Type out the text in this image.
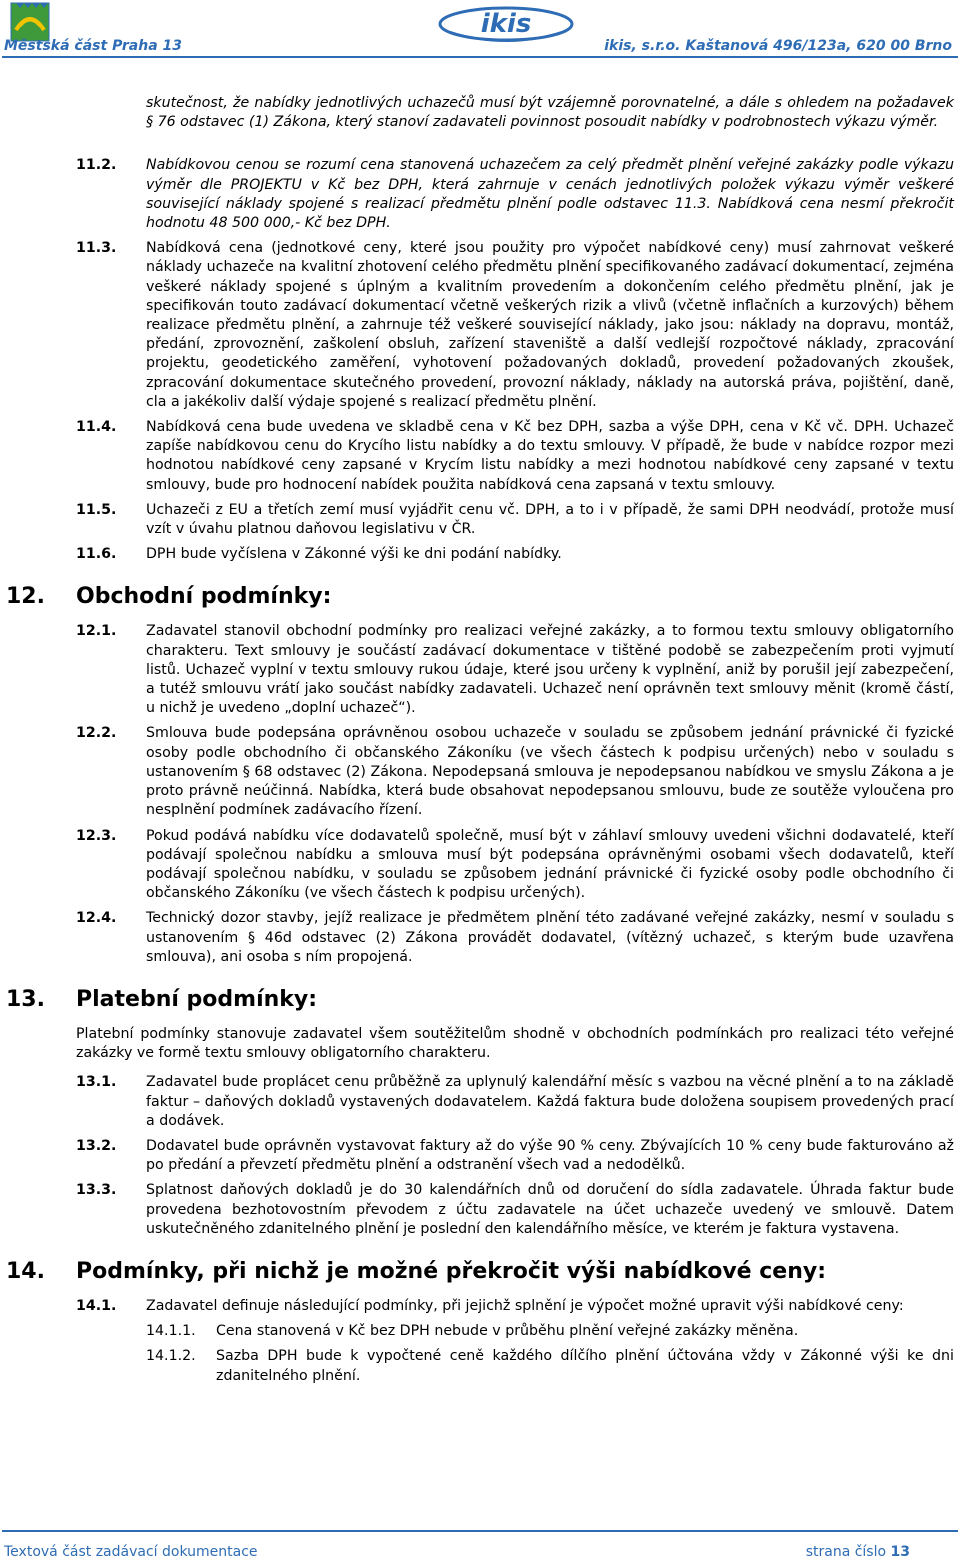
ikis
Městská část Praha 13	ikis, s.r.o. Kaštanová 496/123a, 620 00 Brno
skutečnost, že nabídky jednotlivých uchazečů musí být vzájemně porovnatelné, a dále s ohledem na požadavek § 76 odstavec (1) Zákona, který stanoví zadavateli povinnost posoudit nabídky v podrobnostech výkazu výměr.
11.2. Nabídkovou cenou se rozumí cena stanovená uchazečem za celý předmět plnění veřejné zakázky podle výkazu výměr dle PROJEKTU v Kč bez DPH, která zahrnuje v cenách jednotlivých položek výkazu výměr veškeré související náklady spojené s realizací předmětu plnění podle odstavec 11.3. Nabídková cena nesmí překročit hodnotu 48 500 000,- Kč bez DPH.
11.3. Nabídková cena (jednotkové ceny, které jsou použity pro výpočet nabídkové ceny) musí zahrnovat veškeré náklady uchazeče na kvalitní zhotovení celého předmětu plnění specifikovaného zadávací dokumentací, zejména veškeré náklady spojené s úplným a kvalitním provedením a dokončením celého předmětu plnění, jak je specifikován touto zadávací dokumentací včetně veškerých rizik a vlivů (včetně inflačních a kurzových) během realizace předmětu plnění, a zahrnuje též veškeré související náklady, jako jsou: náklady na dopravu, montáž, předání, zprovoznění, zaškolení obsluh, zařízení staveniště a další vedlejší rozpočtové náklady, zpracování projektu, geodetického zaměření, vyhotovení požadovaných dokladů, provedení požadovaných zkoušek, zpracování dokumentace skutečného provedení, provozní náklady, náklady na autorská práva, pojištění, daně, cla a jakékoliv další výdaje spojené s realizací předmětu plnění.
11.4. Nabídková cena bude uvedena ve skladbě cena v Kč bez DPH, sazba a výše DPH, cena v Kč vč. DPH. Uchazeč zapíše nabídkovou cenu do Krycího listu nabídky a do textu smlouvy. V případě, že bude v nabídce rozpor mezi hodnotou nabídkové ceny zapsané v Krycím listu nabídky a mezi hodnotou nabídkové ceny zapsané v textu smlouvy, bude pro hodnocení nabídek použita nabídková cena zapsaná v textu smlouvy.
11.5. Uchazeči z EU a třetích zemí musí vyjádřit cenu vč. DPH, a to i v případě, že sami DPH neodvádí, protože musí vzít v úvahu platnou daňovou legislativu v ČR.
11.6. DPH bude vyčíslena v Zákonné výši ke dni podání nabídky.
12. Obchodní podmínky:
12.1. Zadavatel stanovil obchodní podmínky pro realizaci veřejné zakázky, a to formou textu smlouvy obligatorního charakteru. Text smlouvy je součástí zadávací dokumentace v tištěné podobě se zabezpečením proti vyjmutí listů. Uchazeč vyplní v textu smlouvy rukou údaje, které jsou určeny k vyplnění, aniž by porušil její zabezpečení, a tutéž smlouvu vrátí jako součást nabídky zadavateli. Uchazeč není oprávněn text smlouvy měnit (kromě částí, u nichž je uvedeno „doplní uchazeč“).
12.2. Smlouva bude podepsána oprávněnou osobou uchazeče v souladu se způsobem jednání právnické či fyzické osoby podle obchodního či občanského Zákoníku (ve všech částech k podpisu určených) nebo v souladu s ustanovením § 68 odstavec (2) Zákona. Nepodepsaná smlouva je nepodepsanou nabídkou ve smyslu Zákona a je proto právně neúčinná. Nabídka, která bude obsahovat nepodepsanou smlouvu, bude ze soutěže vyloučena pro nesplnění podmínek zadávacího řízení.
12.3. Pokud podává nabídku více dodavatelů společně, musí být v záhlaví smlouvy uvedeni všichni dodavatelé, kteří podávají společnou nabídku a smlouva musí být podepsána oprávněnými osobami všech dodavatelů, kteří podávají společnou nabídku, v souladu se způsobem jednání právnické či fyzické osoby podle obchodního či občanského Zákoníku (ve všech částech k podpisu určených).
12.4. Technický dozor stavby, jejíž realizace je předmětem plnění této zadávané veřejné zakázky, nesmí v souladu s ustanovením § 46d odstavec (2) Zákona provádět dodavatel, (vítězný uchazeč, s kterým bude uzavřena smlouva), ani osoba s ním propojená.
13. Platební podmínky:
Platební podmínky stanovuje zadavatel všem soutěžitelům shodně v obchodních podmínkách pro realizaci této veřejné zakázky ve formě textu smlouvy obligatorního charakteru.
13.1. Zadavatel bude proplácet cenu průběžně za uplynulý kalendářní měsíc s vazbou na věcné plnění a to na základě faktur – daňových dokladů vystavených dodavatelem. Každá faktura bude doložena soupisem provedených prací a dodávek.
13.2. Dodavatel bude oprávněn vystavovat faktury až do výše 90 % ceny. Zbývajících 10 % ceny bude fakturováno až po předání a převzetí předmětu plnění a odstranění všech vad a nedodělků.
13.3. Splatnost daňových dokladů je do 30 kalendářních dnů od doručení do sídla zadavatele. Úhrada faktur bude provedena bezhotovostním převodem z účtu zadavatele na účet uchazeče uvedený ve smlouvě. Datem uskutečněného zdanitelného plnění je poslední den kalendářního měsíce, ve kterém je faktura vystavena.
14. Podmínky, při nichž je možné překročit výši nabídkové ceny:
14.1. Zadavatel definuje následující podmínky, při jejichž splnění je výpočet možné upravit výši nabídkové ceny:
14.1.1. Cena stanovená v Kč bez DPH nebude v průběhu plnění veřejné zakázky měněna.
14.1.2. Sazba DPH bude k vypočtené ceně každého dílčího plnění účtována vždy v Zákonné výši ke dni zdanitelného plnění.
Textová část zadávací dokumentace	strana číslo 13
